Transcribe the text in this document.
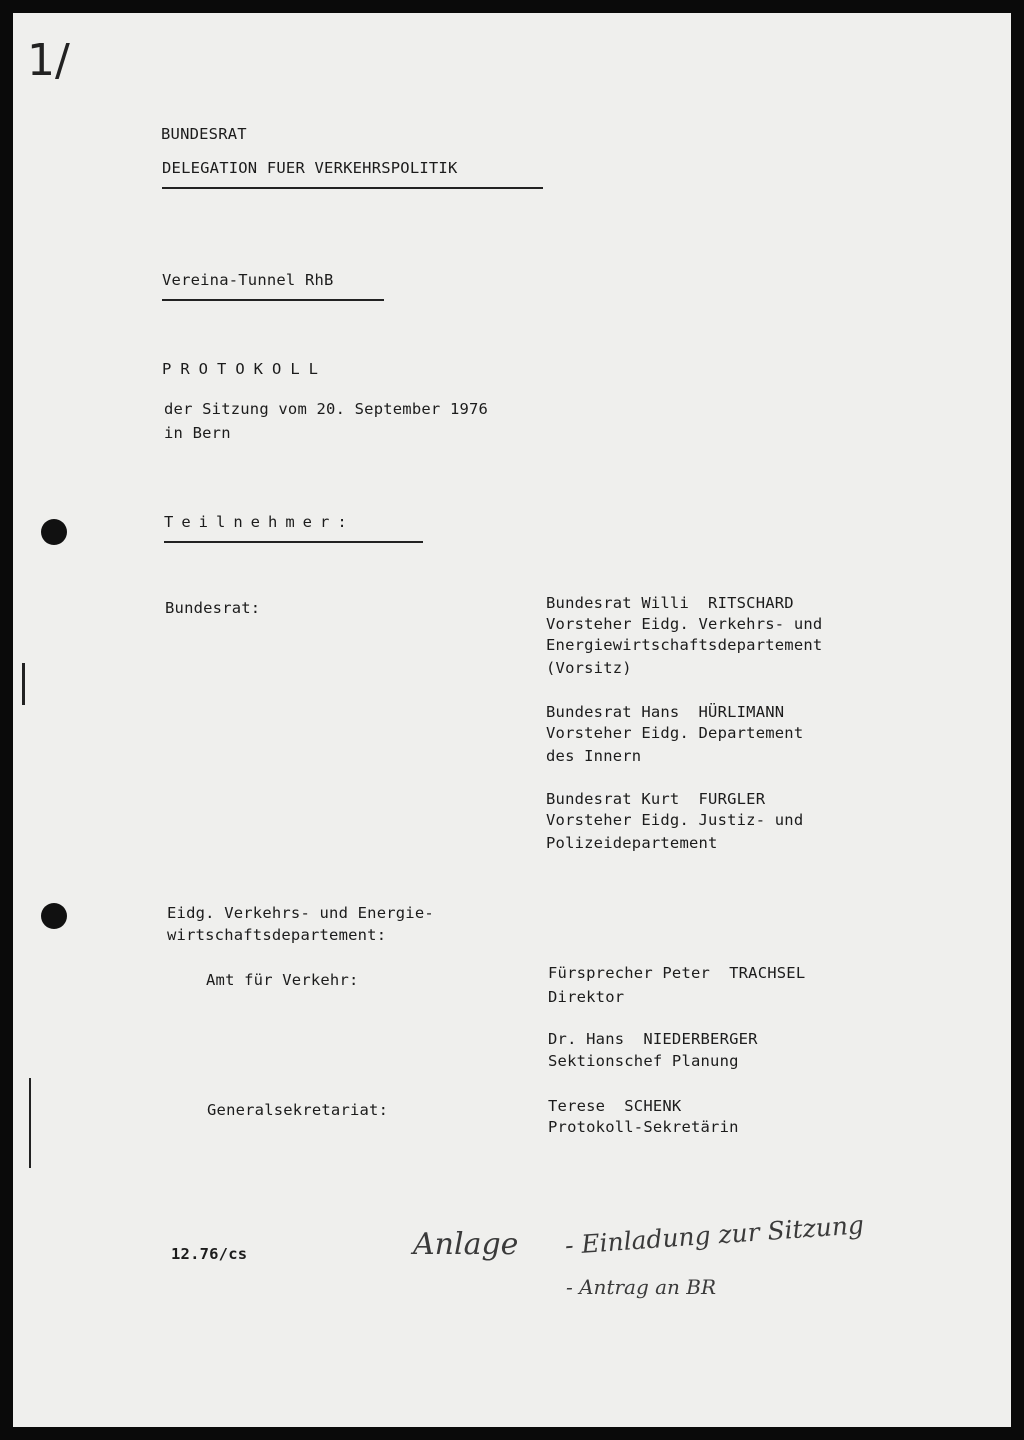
1/
BUNDESRAT
DELEGATION FUER VERKEHRSPOLITIK
Vereina-Tunnel RhB
PROTOKOLL
der Sitzung vom 20. September 1976
in Bern
Teilnehmer:
Bundesrat:	Bundesrat Willi  RITSCHARD
Vorsteher Eidg. Verkehrs- und
Energiewirtschaftsdepartement
(Vorsitz)
Bundesrat Hans  HÜRLIMANN
Vorsteher Eidg. Departement
des Innern
Bundesrat Kurt  FURGLER
Vorsteher Eidg. Justiz- und
Polizeidepartement
Eidg. Verkehrs- und Energie-
wirtschaftsdepartement:
Amt für Verkehr:	Fürsprecher Peter  TRACHSEL
Direktor
Dr. Hans  NIEDERBERGER
Sektionschef Planung
Generalsekretariat:	Terese  SCHENK
Protokoll-Sekretärin
12.76/cs	Anlage - Einladung zur Sitzung
- Antrag an BR
